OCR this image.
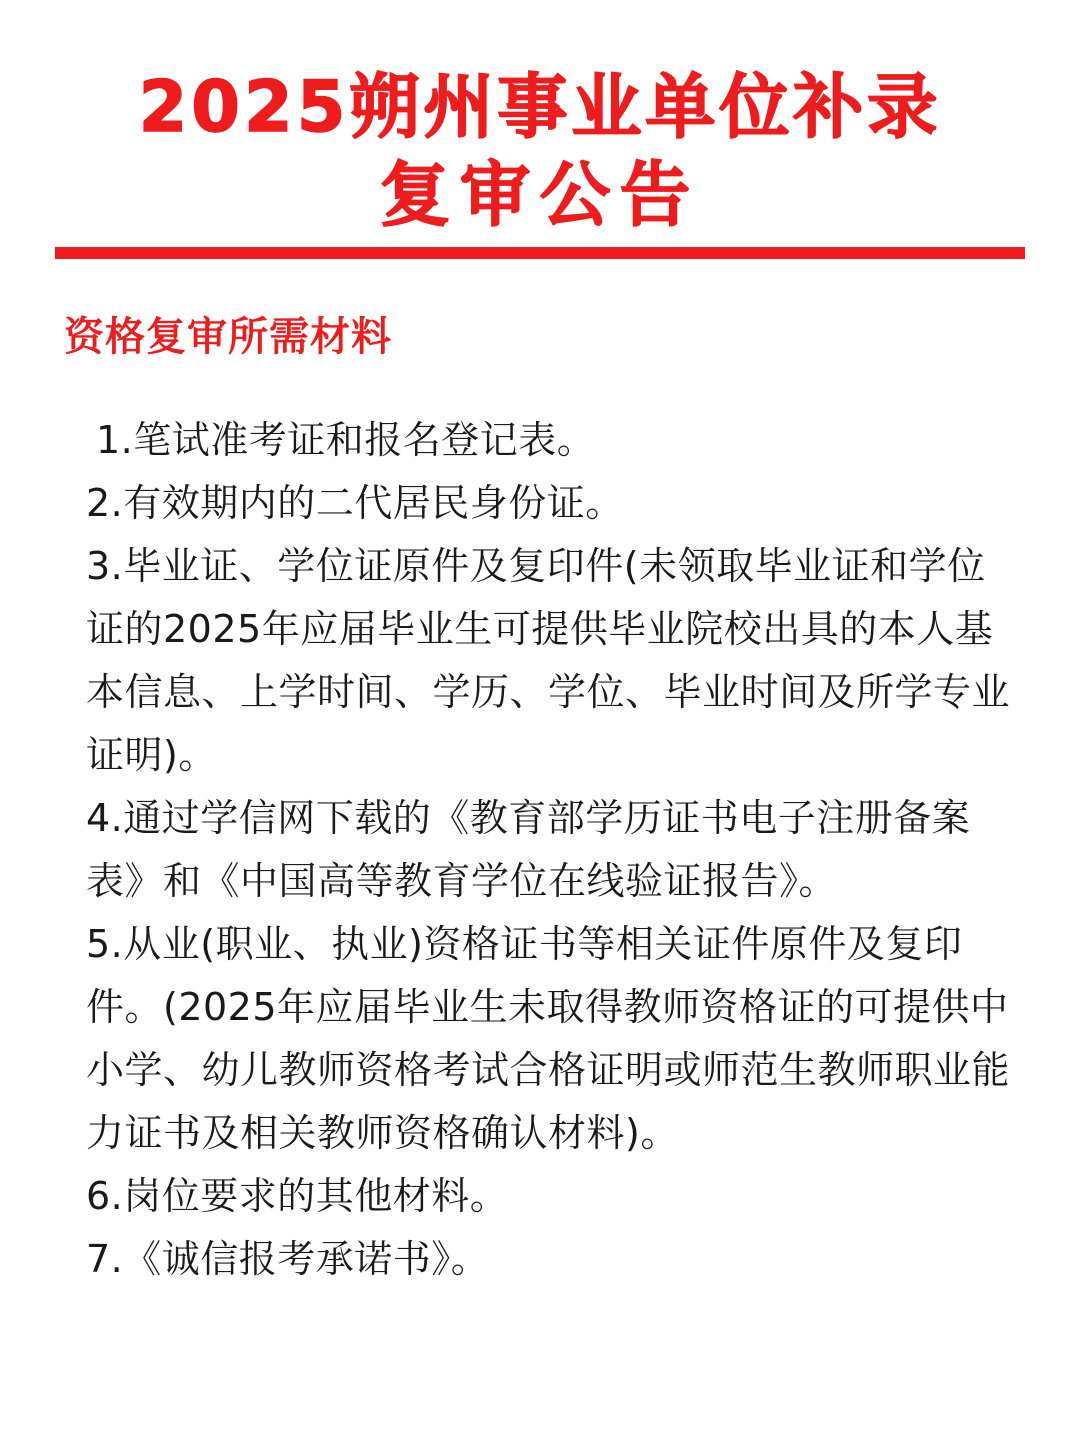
2025朔州事业单位补录
复审公告
资格复审所需材料
1.笔试准考证和报名登记表。
2.有效期内的二代居民身份证。
3.毕业证、学位证原件及复印件(未领取毕业证和学位证的2025年应届毕业生可提供毕业院校出具的本人基本信息、上学时间、学历、学位、毕业时间及所学专业证明)。
4.通过学信网下载的《教育部学历证书电子注册备案表》和《中国高等教育学位在线验证报告》。
5.从业(职业、执业)资格证书等相关证件原件及复印件。(2025年应届毕业生未取得教师资格证的可提供中小学、幼儿教师资格考试合格证明或师范生教师职业能力证书及相关教师资格确认材料)。
6.岗位要求的其他材料。
7.《诚信报考承诺书》。
